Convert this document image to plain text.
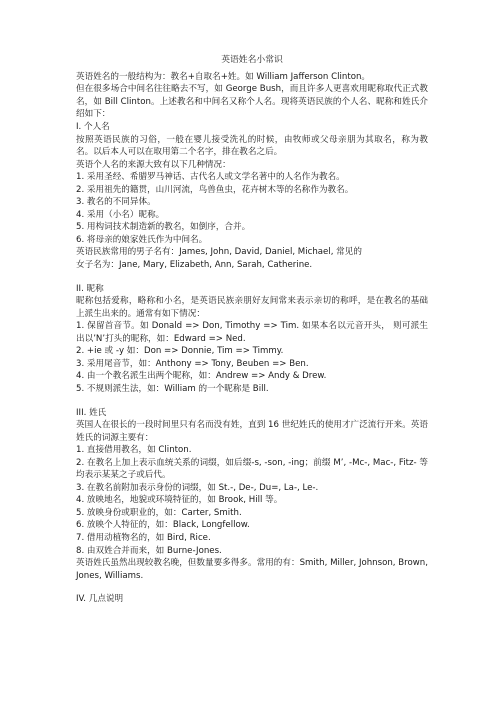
英语姓名小常识

英语姓名的一般结构为：教名+自取名+姓。如 William Jafferson Clinton。

但在很多场合中间名往往略去不写，如 George Bush，而且许多人更喜欢用昵称取代正式教名，如 Bill Clinton。上述教名和中间名又称个人名。现将英语民族的个人名、昵称和姓氏介绍如下：

I. 个人名

按照英语民族的习俗，一般在婴儿接受洗礼的时候，由牧师或父母亲朋为其取名，称为教名。以后本人可以在取用第二个名字，排在教名之后。

英语个人名的来源大致有以下几种情况：

1. 采用圣经、希腊罗马神话、古代名人或文学名著中的人名作为教名。

2. 采用祖先的籍贯，山川河流，鸟兽鱼虫，花卉树木等的名称作为教名。

3. 教名的不同异体。

4. 采用（小名）昵称。

5. 用构词技术制造新的教名，如倒序，合并。

6. 将母亲的娘家姓氏作为中间名。

英语民族常用的男子名有：James, John, David, Daniel, Michael, 常见的

女子名为：Jane, Mary, Elizabeth, Ann, Sarah, Catherine.

II. 昵称

昵称包括爱称，略称和小名，是英语民族亲朋好友间常来表示亲切的称呼，是在教名的基础上派生出来的。通常有如下情况：

1. 保留首音节。如 Donald => Don, Timothy => Tim. 如果本名以元音开头， 则可派生出以’N’打头的昵称，如：Edward => Ned.

2. +ie 或 -y 如：Don => Donnie, Tim => Timmy.

3. 采用尾音节，如：Anthony => Tony, Beuben => Ben.

4. 由一个教名派生出两个昵称，如：Andrew => Andy & Drew.

5. 不规则派生法，如：William 的一个昵称是 Bill.

III. 姓氏

英国人在很长的一段时间里只有名而没有姓，直到 16 世纪姓氏的使用才广泛流行开来。英语姓氏的词源主要有：

1. 直接借用教名，如 Clinton.

2. 在教名上加上表示血统关系的词缀，如后缀-s, -son, -ing；前缀 M’, -Mc-, Mac-, Fitz- 等均表示某某之子或后代。

3. 在教名前附加表示身份的词缀，如 St.-, De-, Du=, La-, Le-.

4. 放映地名，地貌或环境特征的，如 Brook, Hill 等。

5. 放映身份或职业的，如：Carter, Smith.

6. 放映个人特征的，如：Black, Longfellow.

7. 借用动植物名的，如 Bird, Rice.

8. 由双姓合并而来，如 Burne-Jones.

英语姓氏虽然出现较教名晚，但数量要多得多。常用的有：Smith, Miller, Johnson, Brown, Jones, Williams.

IV. 几点说明
